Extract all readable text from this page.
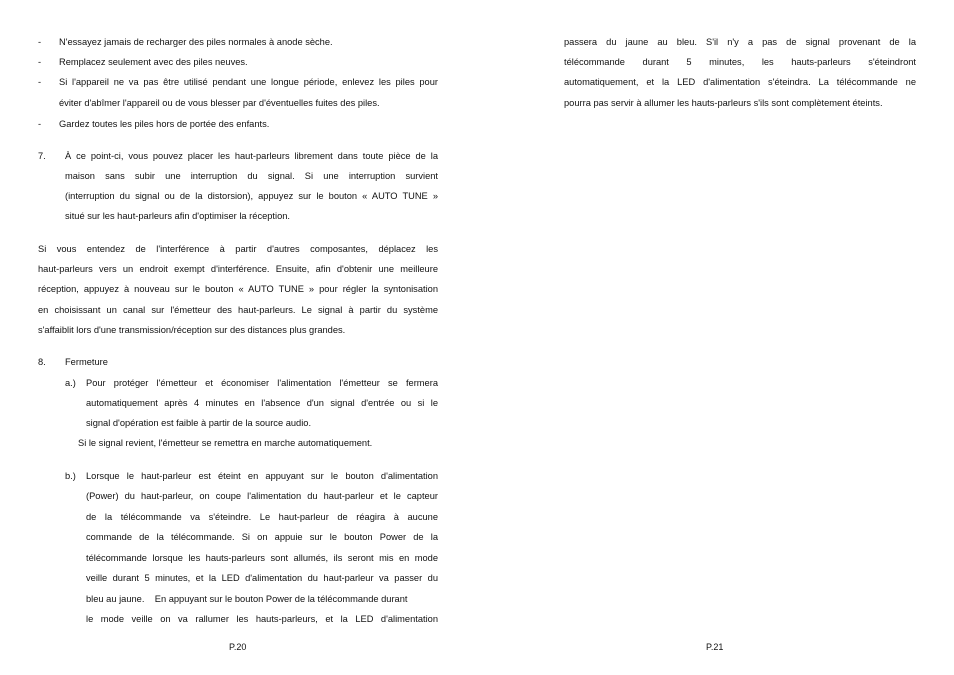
- N'essayez jamais de recharger des piles normales à anode sèche.
- Remplacez seulement avec des piles neuves.
- Si l'appareil ne va pas être utilisé pendant une longue période, enlevez les piles pour
éviter d'abîmer l'appareil ou de vous blesser par d'éventuelles fuites des piles.
- Gardez toutes les piles hors de portée des enfants.
7. À ce point-ci, vous pouvez placer les haut-parleurs librement dans toute pièce de la
maison sans subir une interruption du signal. Si une interruption survient
(interruption du signal ou de la distorsion), appuyez sur le bouton « AUTO TUNE »
situé sur les haut-parleurs afin d'optimiser la réception.
Si vous entendez de l'interférence à partir d'autres composantes, déplacez les
haut-parleurs vers un endroit exempt d'interférence. Ensuite, afin d'obtenir une meilleure
réception, appuyez à nouveau sur le bouton « AUTO TUNE » pour régler la syntonisation
en choisissant un canal sur l'émetteur des haut-parleurs. Le signal à partir du système
s'affaiblit lors d'une transmission/réception sur des distances plus grandes.
8. Fermeture
a.) Pour protéger l'émetteur et économiser l'alimentation l'émetteur se fermera
automatiquement après 4 minutes en l'absence d'un signal d'entrée ou si le
signal d'opération est faible à partir de la source audio.
Si le signal revient, l'émetteur se remettra en marche automatiquement.
b.) Lorsque le haut-parleur est éteint en appuyant sur le bouton d'alimentation
(Power) du haut-parleur, on coupe l'alimentation du haut-parleur et le capteur
de la télécommande va s'éteindre. Le haut-parleur de réagira à aucune
commande de la télécommande. Si on appuie sur le bouton Power de la
télécommande lorsque les hauts-parleurs sont allumés, ils seront mis en mode
veille durant 5 minutes, et la LED d'alimentation du haut-parleur va passer du
bleu au jaune.    En appuyant sur le bouton Power de la télécommande durant
le mode veille on va rallumer les hauts-parleurs, et la LED d'alimentation
P.20
passera du jaune au bleu. S'il n'y a pas de signal provenant de la
télécommande durant 5 minutes, les hauts-parleurs s'éteindront
automatiquement, et la LED d'alimentation s'éteindra. La télécommande ne
pourra pas servir à allumer les hauts-parleurs s'ils sont complètement éteints.
P.21
